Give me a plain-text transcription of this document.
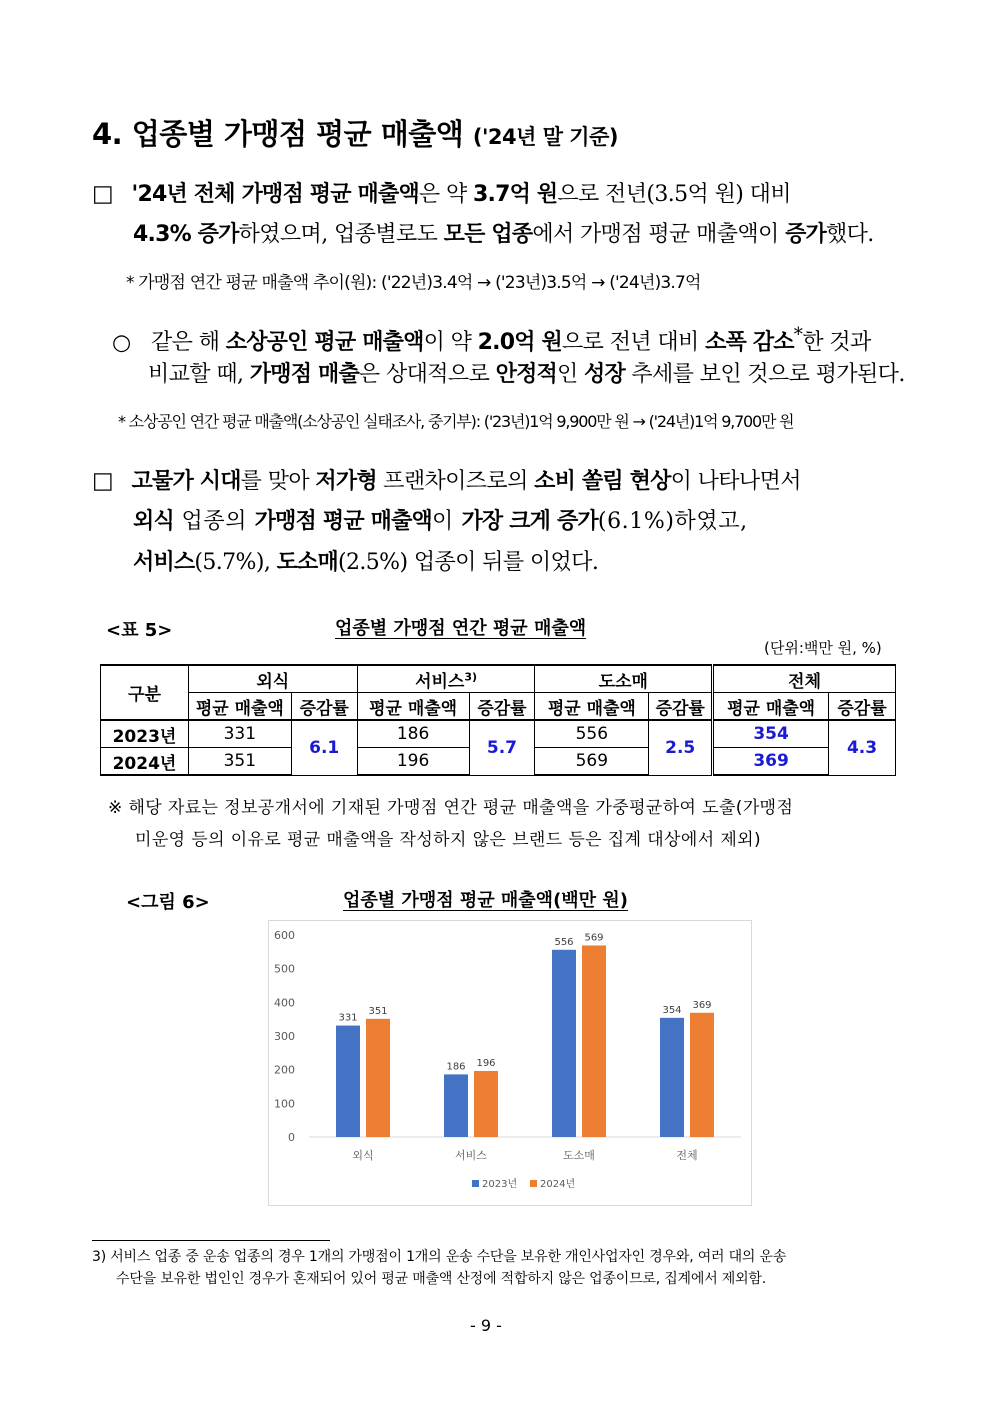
4. 업종별 가맹점 평균 매출액 ('24년 말 기준)
□ '24년 전체 가맹점 평균 매출액은 약 3.7억 원으로 전년(3.5억 원) 대비
4.3% 증가하였으며, 업종별로도 모든 업종에서 가맹점 평균 매출액이 증가했다.
* 가맹점 연간 평균 매출액 추이(원): ('22년)3.4억 → ('23년)3.5억 → ('24년)3.7억
○ 같은 해 소상공인 평균 매출액이 약 2.0억 원으로 전년 대비 소폭 감소*한 것과
비교할 때, 가맹점 매출은 상대적으로 안정적인 성장 추세를 보인 것으로 평가된다.
* 소상공인 연간 평균 매출액(소상공인 실태조사, 중기부): ('23년)1억 9,900만 원 → ('24년)1억 9,700만 원
□ 고물가 시대를 맞아 저가형 프랜차이즈로의 소비 쏠림 현상이 나타나면서
외식 업종의 가맹점 평균 매출액이 가장 크게 증가(6.1%)하였고,
서비스(5.7%), 도소매(2.5%) 업종이 뒤를 이었다.
<표 5>	업종별 가맹점 연간 평균 매출액
(단위:백만 원, %)
구분	외식		서비스$^{3)}$		도소매		전체	
	평균 매출액	증감률	평균 매출액	증감률	평균 매출액	증감률	평균 매출액	증감률
2023년	331	6.1	186	5.7	556	2.5	354	4.3
2024년	351		196		569		369	
※ 해당 자료는 정보공개서에 기재된 가맹점 연간 평균 매출액을 가중평균하여 도출(가맹점
미운영 등의 이유로 평균 매출액을 작성하지 않은 브랜드 등은 집계 대상에서 제외)
<그림 6>	업종별 가맹점 평균 매출액(백만 원)
0
100
200
300
400
500
600
331
351
외식
186 196
서비스
556 569
도소매
354 369
전체
2023년 2024년
3) 서비스 업종 중 운송 업종의 경우 1개의 가맹점이 1개의 운송 수단을 보유한 개인사업자인 경우와, 여러 대의 운송
수단을 보유한 법인인 경우가 혼재되어 있어 평균 매출액 산정에 적합하지 않은 업종이므로, 집계에서 제외함.
- 9 -
